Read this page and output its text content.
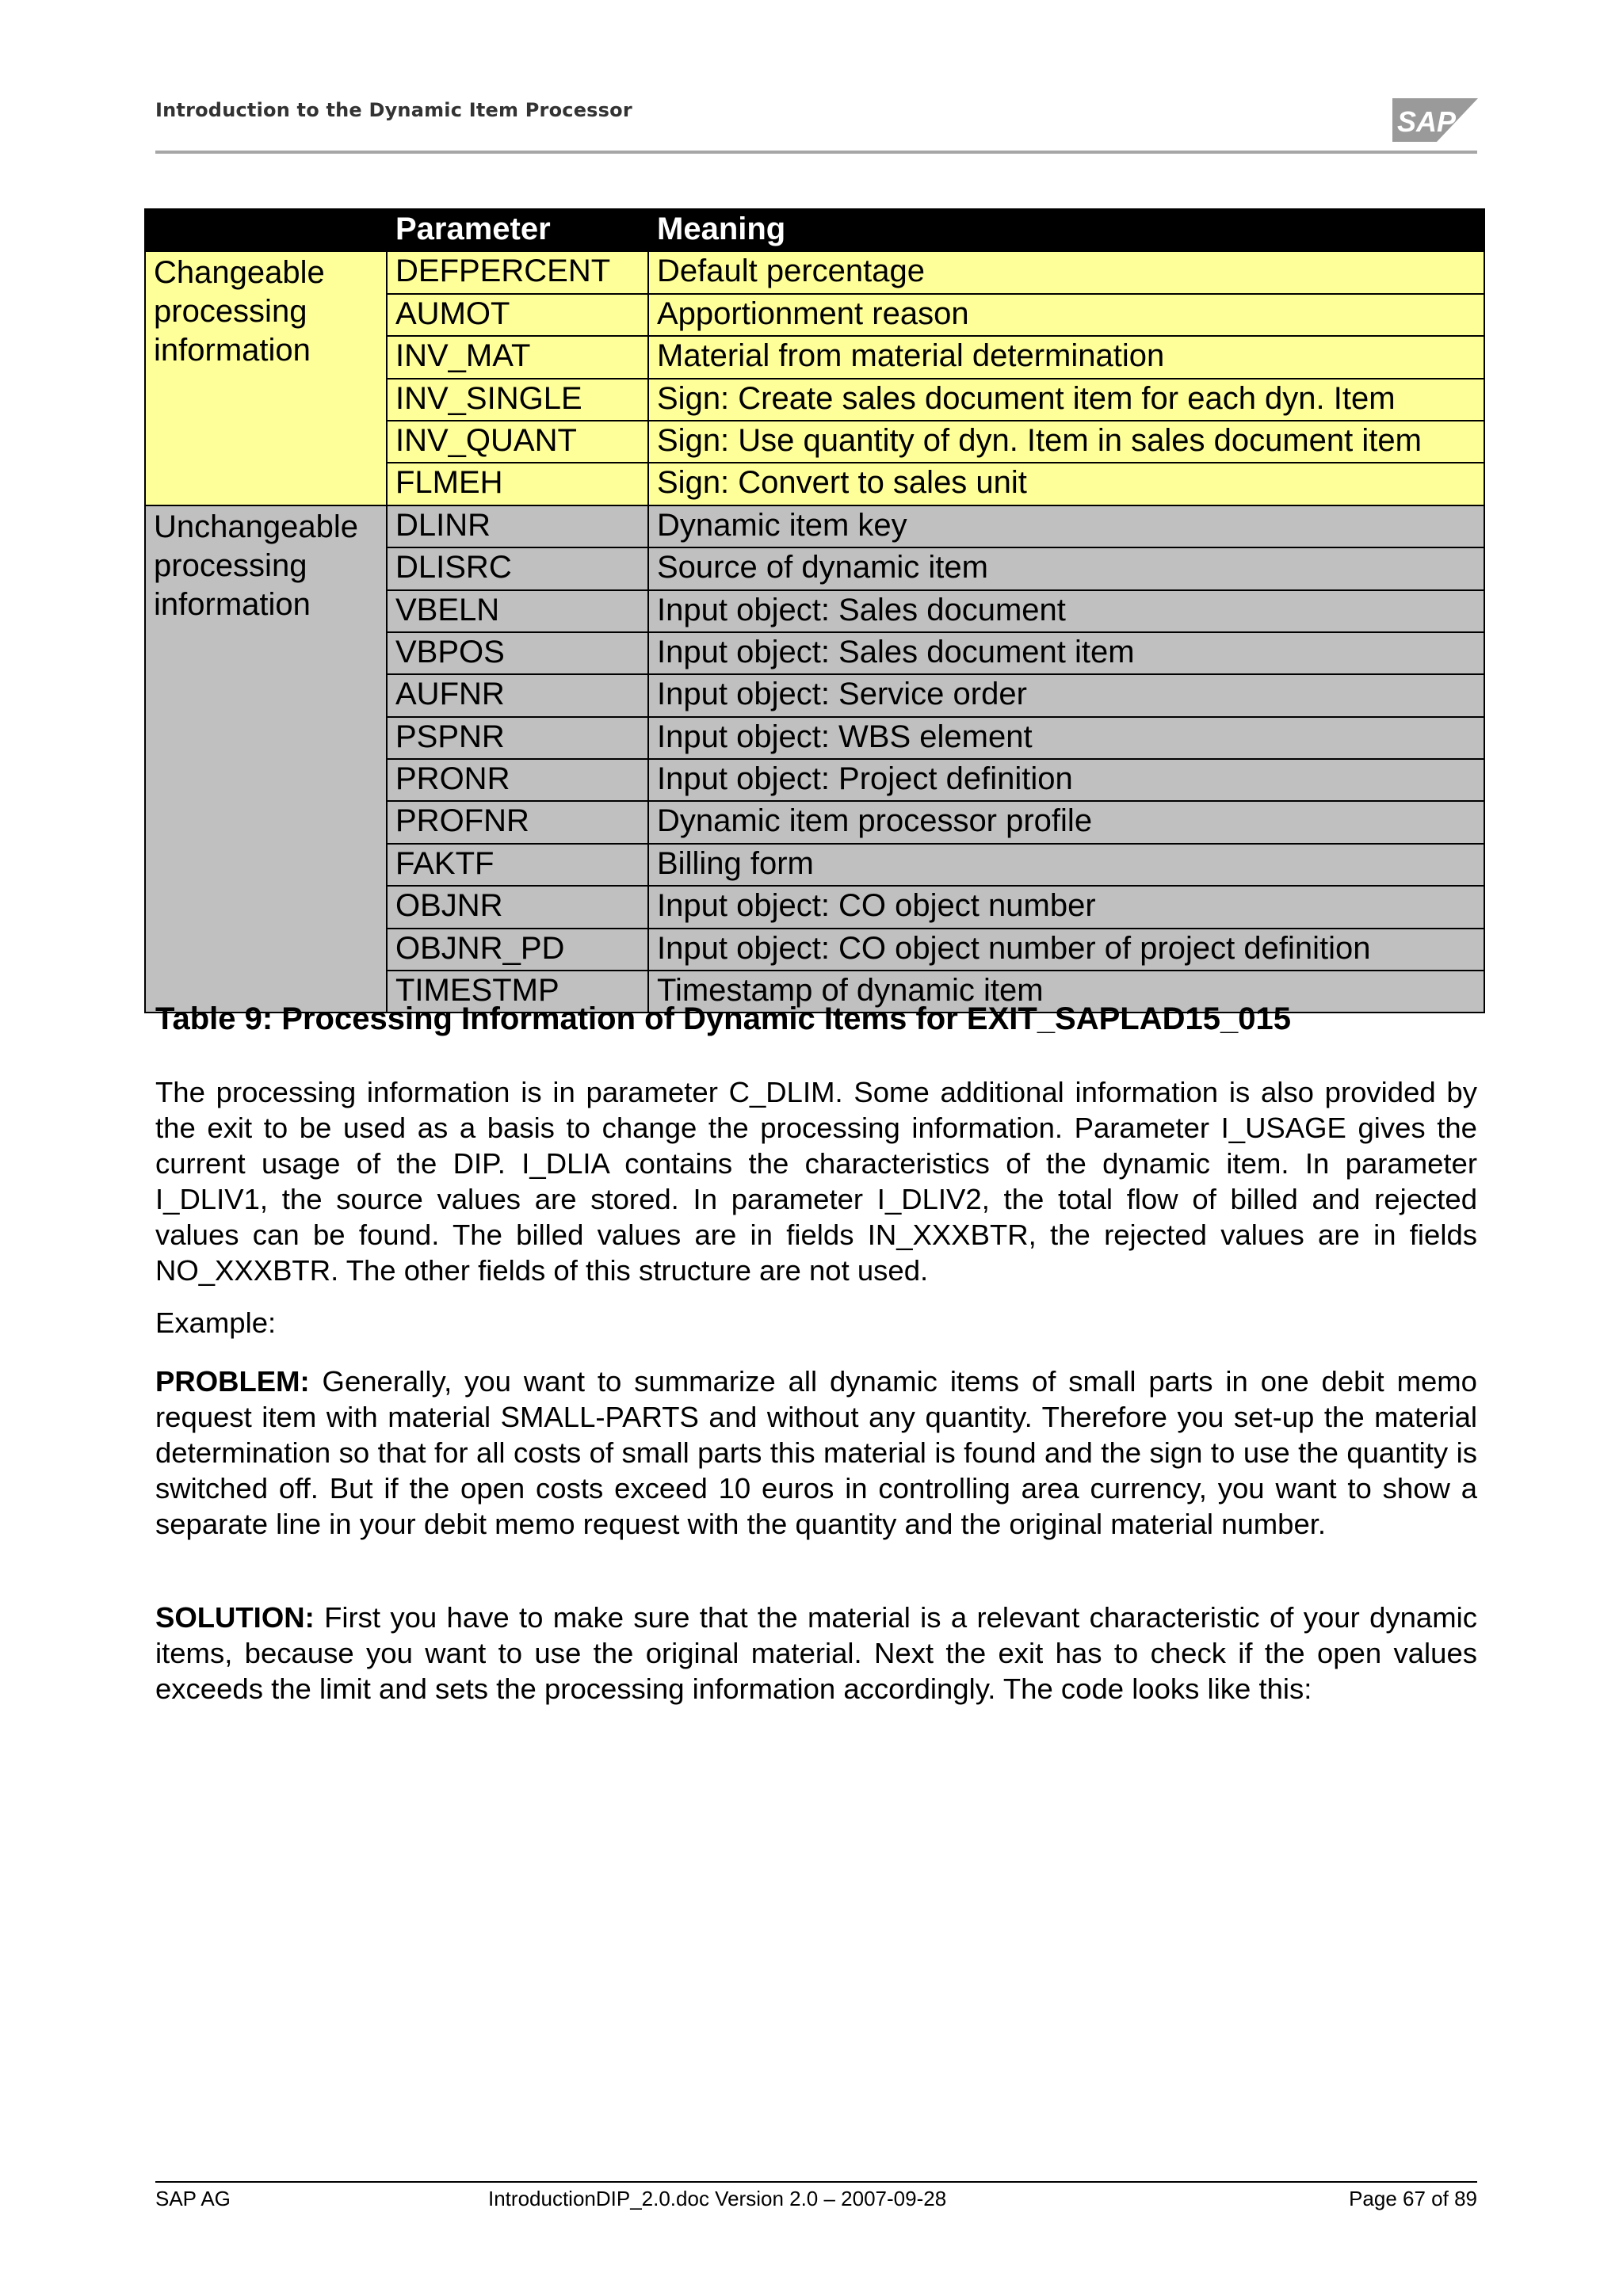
Introduction to the Dynamic Item Processor	SAP
	Parameter	Meaning
Changeable processing information	DEFPERCENT	Default percentage
	AUMOT	Apportionment reason
	INV_MAT	Material from material determination
	INV_SINGLE	Sign: Create sales document item for each dyn. Item
	INV_QUANT	Sign: Use quantity of dyn. Item in sales document item
	FLMEH	Sign: Convert to sales unit
Unchangeable processing information	DLINR	Dynamic item key
	DLISRC	Source of dynamic item
	VBELN	Input object: Sales document
	VBPOS	Input object: Sales document item
	AUFNR	Input object: Service order
	PSPNR	Input object: WBS element
	PRONR	Input object: Project definition
	PROFNR	Dynamic item processor profile
	FAKTF	Billing form
	OBJNR	Input object: CO object number
	OBJNR_PD	Input object: CO object number of project definition
	TIMESTMP	Timestamp of dynamic item
Table 9: Processing Information of Dynamic Items for EXIT_SAPLAD15_015

The processing information is in parameter C_DLIM. Some additional information is also provided by the exit to be used as a basis to change the processing information. Parameter I_USAGE gives the current usage of the DIP. I_DLIA contains the characteristics of the dynamic item. In parameter I_DLIV1, the source values are stored. In parameter I_DLIV2, the total flow of billed and rejected values can be found. The billed values are in fields IN_XXXBTR, the rejected values are in fields NO_XXXBTR. The other fields of this structure are not used.

Example:

PROBLEM: Generally, you want to summarize all dynamic items of small parts in one debit memo request item with material SMALL-PARTS and without any quantity. Therefore you set-up the material determination so that for all costs of small parts this material is found and the sign to use the quantity is switched off. But if the open costs exceed 10 euros in controlling area currency, you want to show a separate line in your debit memo request with the quantity and the original material number.

SOLUTION: First you have to make sure that the material is a relevant characteristic of your dynamic items, because you want to use the original material. Next the exit has to check if the open values exceeds the limit and sets the processing information accordingly. The code looks like this:

SAP AG	IntroductionDIP_2.0.doc Version 2.0 – 2007-09-28	Page 67 of 89
